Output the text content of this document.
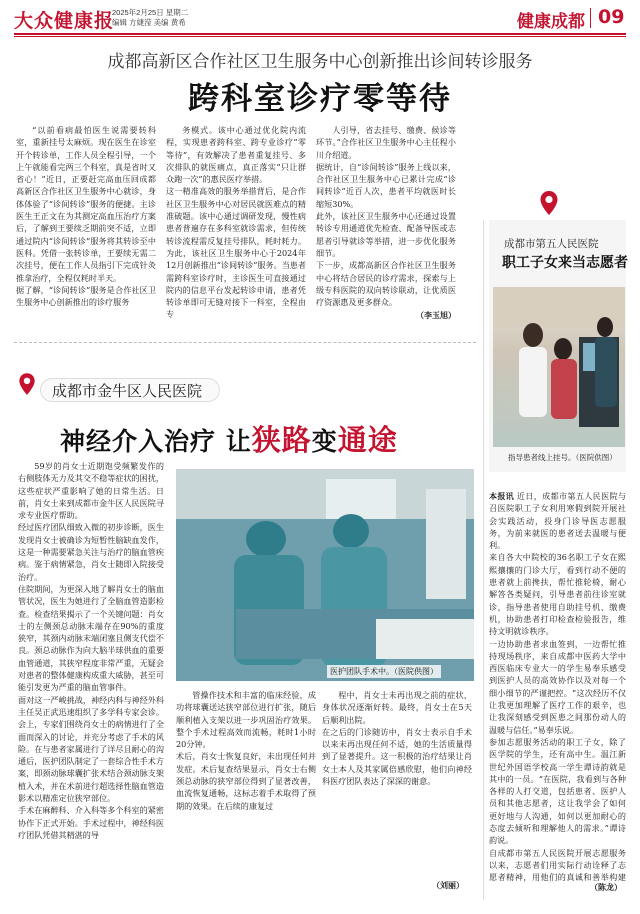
大众健康报
2025年2月25日 星期二
编辑 方婕滢 美编 黄希	健康成都 09
成都高新区合作社区卫生服务中心创新推出诊间转诊服务
跨科室诊疗零等待
“以前看病最怕医生说需要转科室，重新挂号太麻烦。现在医生在诊室开个转诊单，工作人员全程引导，一个上午就能看完两三个科室，真是省时又省心！”近日，正要赶完高血压回成都高新区合作社区卫生服务中心就诊，身体体验了“诊间转诊”服务的便捷。主诊医生王正文在为其测定高血压治疗方案后，了解到王要续乏期前突不适，立即通过院内“诊间转诊”服务将其转诊至中医科。凭借一张转诊单，王要续无需二次挂号，便在工作人员指引下完成针灸推拿治疗，全程仅耗时半天。
据了解，“诊间转诊”服务是合作社区卫生服务中心创新推出的诊疗服务
务模式。该中心通过优化院内流程，实现患者跨科室、跨专业诊疗“零等待”，有效解决了患者重复挂号、多次排队的就医痛点，真正落实“只让群众跑一次”的惠民医疗举措。
这一精准高效的服务举措背后，是合作社区卫生服务中心对居民就医难点的精准破题。该中心通过调研发现，慢性病患者普遍存在多科室就诊需求，但传统转诊流程需反复挂号排队，耗时耗力。为此，该社区卫生服务中心于2024年12月创新推出“诊间转诊”服务。当患者需跨科室诊疗时，主诊医生可直接通过院内的信息平台发起转诊申请，患者凭转诊单即可无缝对接下一科室，全程由专
人引导，省去挂号、缴费、候诊等环节。”合作社区卫生服务中心主任程小川介绍道。
据统计，自“诊间转诊”服务上线以来，合作社区卫生服务中心已累计完成“诊间转诊”近百人次，患者平均就医时长缩短30%。
此外，该社区卫生服务中心还通过设置转诊专用通道优先检查、配备导医或志愿者引导就诊等举措，进一步优化服务细节。
下一步，成都高新区合作社区卫生服务中心将结合居民的诊疗需求，探索与上级专科医院的双向转诊联动，让优质医疗资源惠及更多群众。
（李玉旭）
成都市第五人民医院
职工子女来当志愿者
指导患者线上挂号。（医院供图）
成都市金牛区人民医院
神经介入治疗 让狭路变通途
59岁的肖女士近期饱受频繁发作的右侧肢体无力及其交不稳等症状的困扰，这些症状严重影响了她的日常生活。日前，肖女士来到成都市金牛区人民医院寻求专业医疗帮助。
经过医疗团队细致入微的初步诊断，医生发现肖女士被确诊为短暂性脑缺血发作，这是一种需要紧急关注与治疗的脑血管疾病。鉴于病情紧急，肖女士随即入院接受治疗。
住院期间，为更深入地了解肖女士的脑血管状况，医生为她进行了全脑血管造影检查。检查结果揭示了一个关键问题：肖女士的左侧颈总动脉末端存在90%的重度狭窄，其颈内动脉末端闭塞且侧支代偿不良。颈总动脉作为向大脑半球供血的重要血管通道，其狭窄程度非常严重，无疑会对患者的整体健康构成重大威胁，甚至可能引发更为严重的脑血管事件。
面对这一严峻挑战，神经内科与神经外科主任吴正武迅速组织了多学科专家会诊。会上，专家们围绕肖女士的病情进行了全面而深入的讨论，并充分考虑了手术的风险。在与患者家属进行了详尽且耐心的沟通后，医护团队制定了一套综合性手术方案，即颈动脉球囊扩张术结合颈动脉支架植入术，并在术前进行超选择性脑血管造影术以精准定位狭窄部位。
手术在麻醉科、介入科等多个科室的紧密协作下正式开始。手术过程中，神经科医疗团队凭借其精湛的导
医护团队手术中。（医院供图）
管操作技术和丰富的临床经验，成功将球囊送达狭窄部位进行扩张，随后顺利植入支架以进一步巩固治疗效果。整个手术过程高效而流畅，耗时1小时20分钟。
术后，肖女士恢复良好，未出现任何并发症。术后复查结果显示，肖女士右侧颈总动脉的狭窄部位得到了显著改善，血流恢复通畅，这标志着手术取得了预期的效果。在后续的康复过
程中，肖女士未再出现之前的症状，身体状况逐渐好转。最终，肖女士在5天后顺利出院。
在之后的门诊随访中，肖女士表示自手术以来未再出现任何不适，她的生活质量得到了显著提升。这一积极的治疗结果让肖女士本人及其家属倍感欣慰，他们向神经科医疗团队表达了深深的谢意。
（刘丽）
本报讯 近日，成都市第五人民医院与召医院职工子女利用寒假到院开展社会实践活动，投身门诊导医志愿服务，为前来就医的患者送去温暖与便利。
来自各大中院校的36名职工子女在熙熙攘攘的门诊大厅，看到行动不便的患者就上前搀扶，帮忙推轮椅，耐心解答各类疑问，引导患者前往诊室就诊，指导患者使用自助挂号机、缴费机，协助患者打印检查检验报告，维持文明就诊秩序。
一边协助患者求血签到，一边帮忙推持现场秩序，来自成都中医药大学中西医临床专业大一的学生易奉乐感受到医护人员的高效协作以及对每一个细小细节的严谨把控。“这次经历不仅让我更加理解了医疗工作的艰辛，也让我深刻感受到医患之间那份动人的温暖与信任。”易奉乐说。
参加志愿服务活动的职工子女，除了医学院的学生，还有高中生。温江新世纪外国语学校高一学生谭诗韵就是其中的一员。“在医院，我看到与各种各样的人打交道，包括患者、医护人员和其他志愿者，这让我学会了如何更好地与人沟通，如何以更加耐心的态度去倾听和理解他人的需求。”谭诗韵说。
自成都市第五人民医院开展志愿服务以来，志愿者们用实际行动诠释了志愿者精神，用他们的真诚和善举构建
（陈龙）
